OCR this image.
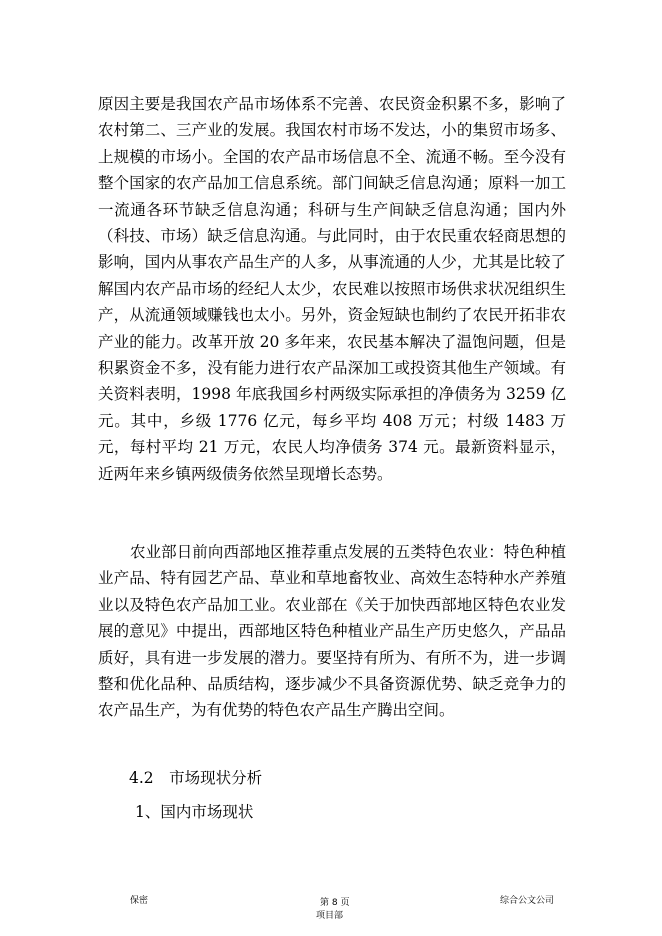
原因主要是我国农产品市场体系不完善、农民资金积累不多，影响了农村第二、三产业的发展。我国农村市场不发达，小的集贸市场多、上规模的市场小。全国的农产品市场信息不全、流通不畅。至今没有整个国家的农产品加工信息系统。部门间缺乏信息沟通；原料一加工一流通各环节缺乏信息沟通；科研与生产间缺乏信息沟通；国内外（科技、市场）缺乏信息沟通。与此同时，由于农民重农轻商思想的影响，国内从事农产品生产的人多，从事流通的人少，尤其是比较了解国内农产品市场的经纪人太少，农民难以按照市场供求状况组织生产，从流通领域赚钱也太小。另外，资金短缺也制约了农民开拓非农产业的能力。改革开放 20 多年来，农民基本解决了温饱问题，但是积累资金不多，没有能力进行农产品深加工或投资其他生产领域。有关资料表明，1998 年底我国乡村两级实际承担的净债务为 3259 亿元。其中，乡级 1776 亿元，每乡平均 408 万元；村级 1483 万元，每村平均 21 万元，农民人均净债务 374 元。最新资料显示，近两年来乡镇两级债务依然呈现增长态势。

农业部日前向西部地区推荐重点发展的五类特色农业：特色种植业产品、特有园艺产品、草业和草地畜牧业、高效生态特种水产养殖业以及特色农产品加工业。农业部在《关于加快西部地区特色农业发展的意见》中提出，西部地区特色种植业产品生产历史悠久，产品品质好，具有进一步发展的潜力。要坚持有所为、有所不为，进一步调整和优化品种、品质结构，逐步减少不具备资源优势、缺乏竞争力的农产品生产，为有优势的特色农产品生产腾出空间。

4.2　市场现状分析

1、国内市场现状

保密	第 8 页	综合公文公司

项目部
